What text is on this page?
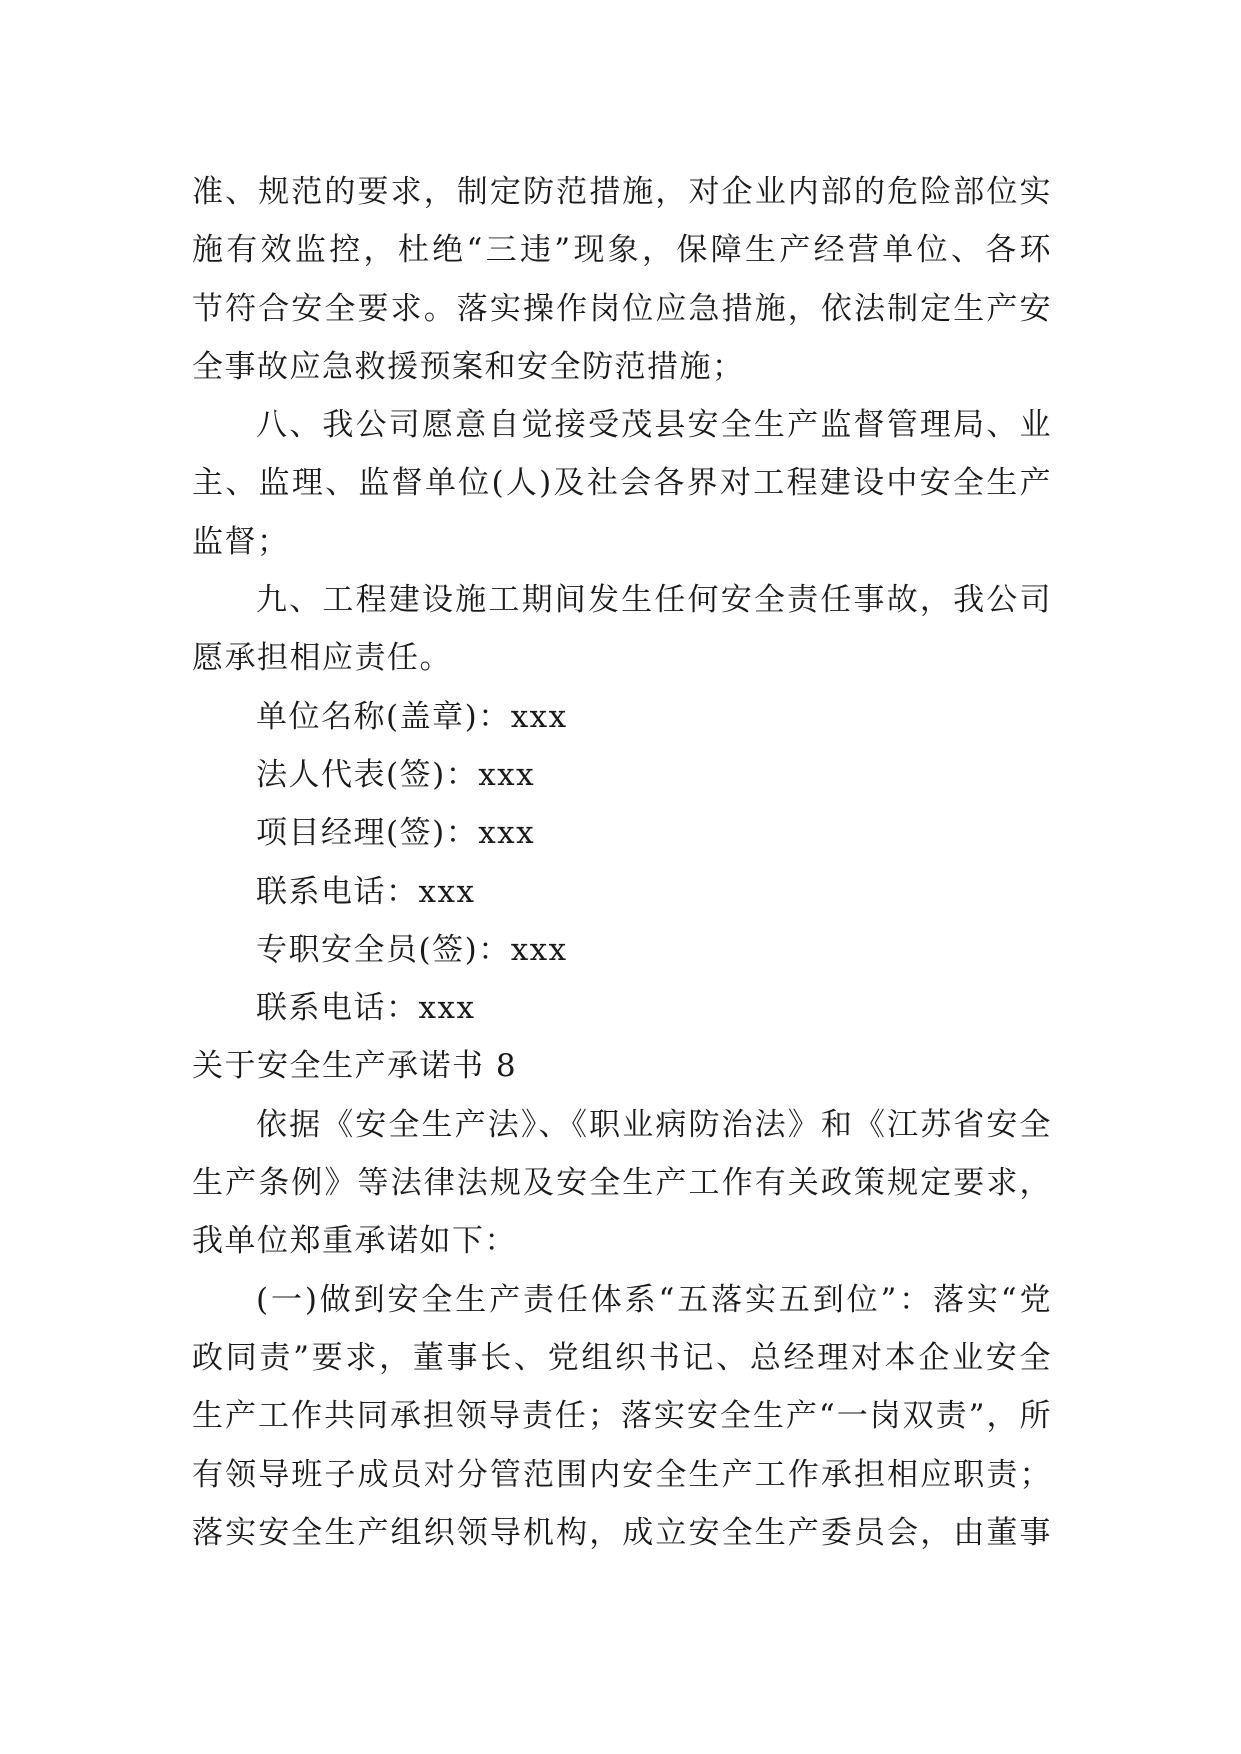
准、规范的要求，制定防范措施，对企业内部的危险部位实
施有效监控，杜绝“三违”现象，保障生产经营单位、各环
节符合安全要求。落实操作岗位应急措施，依法制定生产安
全事故应急救援预案和安全防范措施；
八、我公司愿意自觉接受茂县安全生产监督管理局、业
主、监理、监督单位(人)及社会各界对工程建设中安全生产
监督；
九、工程建设施工期间发生任何安全责任事故，我公司
愿承担相应责任。
单位名称(盖章)：xxx
法人代表(签)：xxx
项目经理(签)：xxx
联系电话：xxx
专职安全员(签)：xxx
联系电话：xxx
关于安全生产承诺书 8
依据《安全生产法》、《职业病防治法》和《江苏省安全
生产条例》等法律法规及安全生产工作有关政策规定要求，
我单位郑重承诺如下：
(一)做到安全生产责任体系“五落实五到位”：落实“党
政同责”要求，董事长、党组织书记、总经理对本企业安全
生产工作共同承担领导责任；落实安全生产“一岗双责”，所
有领导班子成员对分管范围内安全生产工作承担相应职责；
落实安全生产组织领导机构，成立安全生产委员会，由董事
